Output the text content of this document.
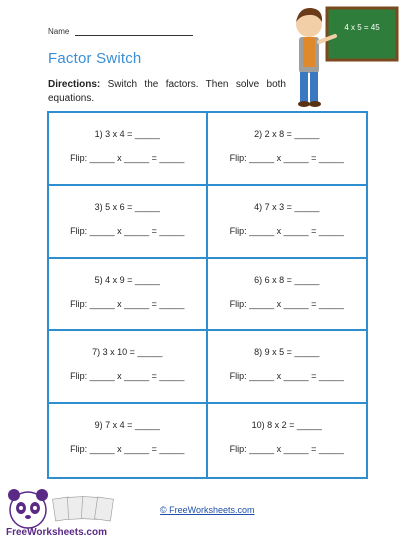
Name
Factor Switch
Directions: Switch the factors. Then solve both equations.
4 x 5 = 45
1) 3 x 4 = _____
Flip: _____ x _____ = _____
2) 2 x 8 = _____
Flip: _____ x _____ = _____
3) 5 x 6 = _____
Flip: _____ x _____ = _____
4) 7 x 3 = _____
Flip: _____ x _____ = _____
5) 4 x 9 = _____
Flip: _____ x _____ = _____
6) 6 x 8 = _____
Flip: _____ x _____ = _____
7) 3 x 10 = _____
Flip: _____ x _____ = _____
8) 9 x 5 = _____
Flip: _____ x _____ = _____
9) 7 x 4 = _____
Flip: _____ x _____ = _____
10) 8 x 2 = _____
Flip: _____ x _____ = _____
FreeWorksheets.com
© FreeWorksheets.com
